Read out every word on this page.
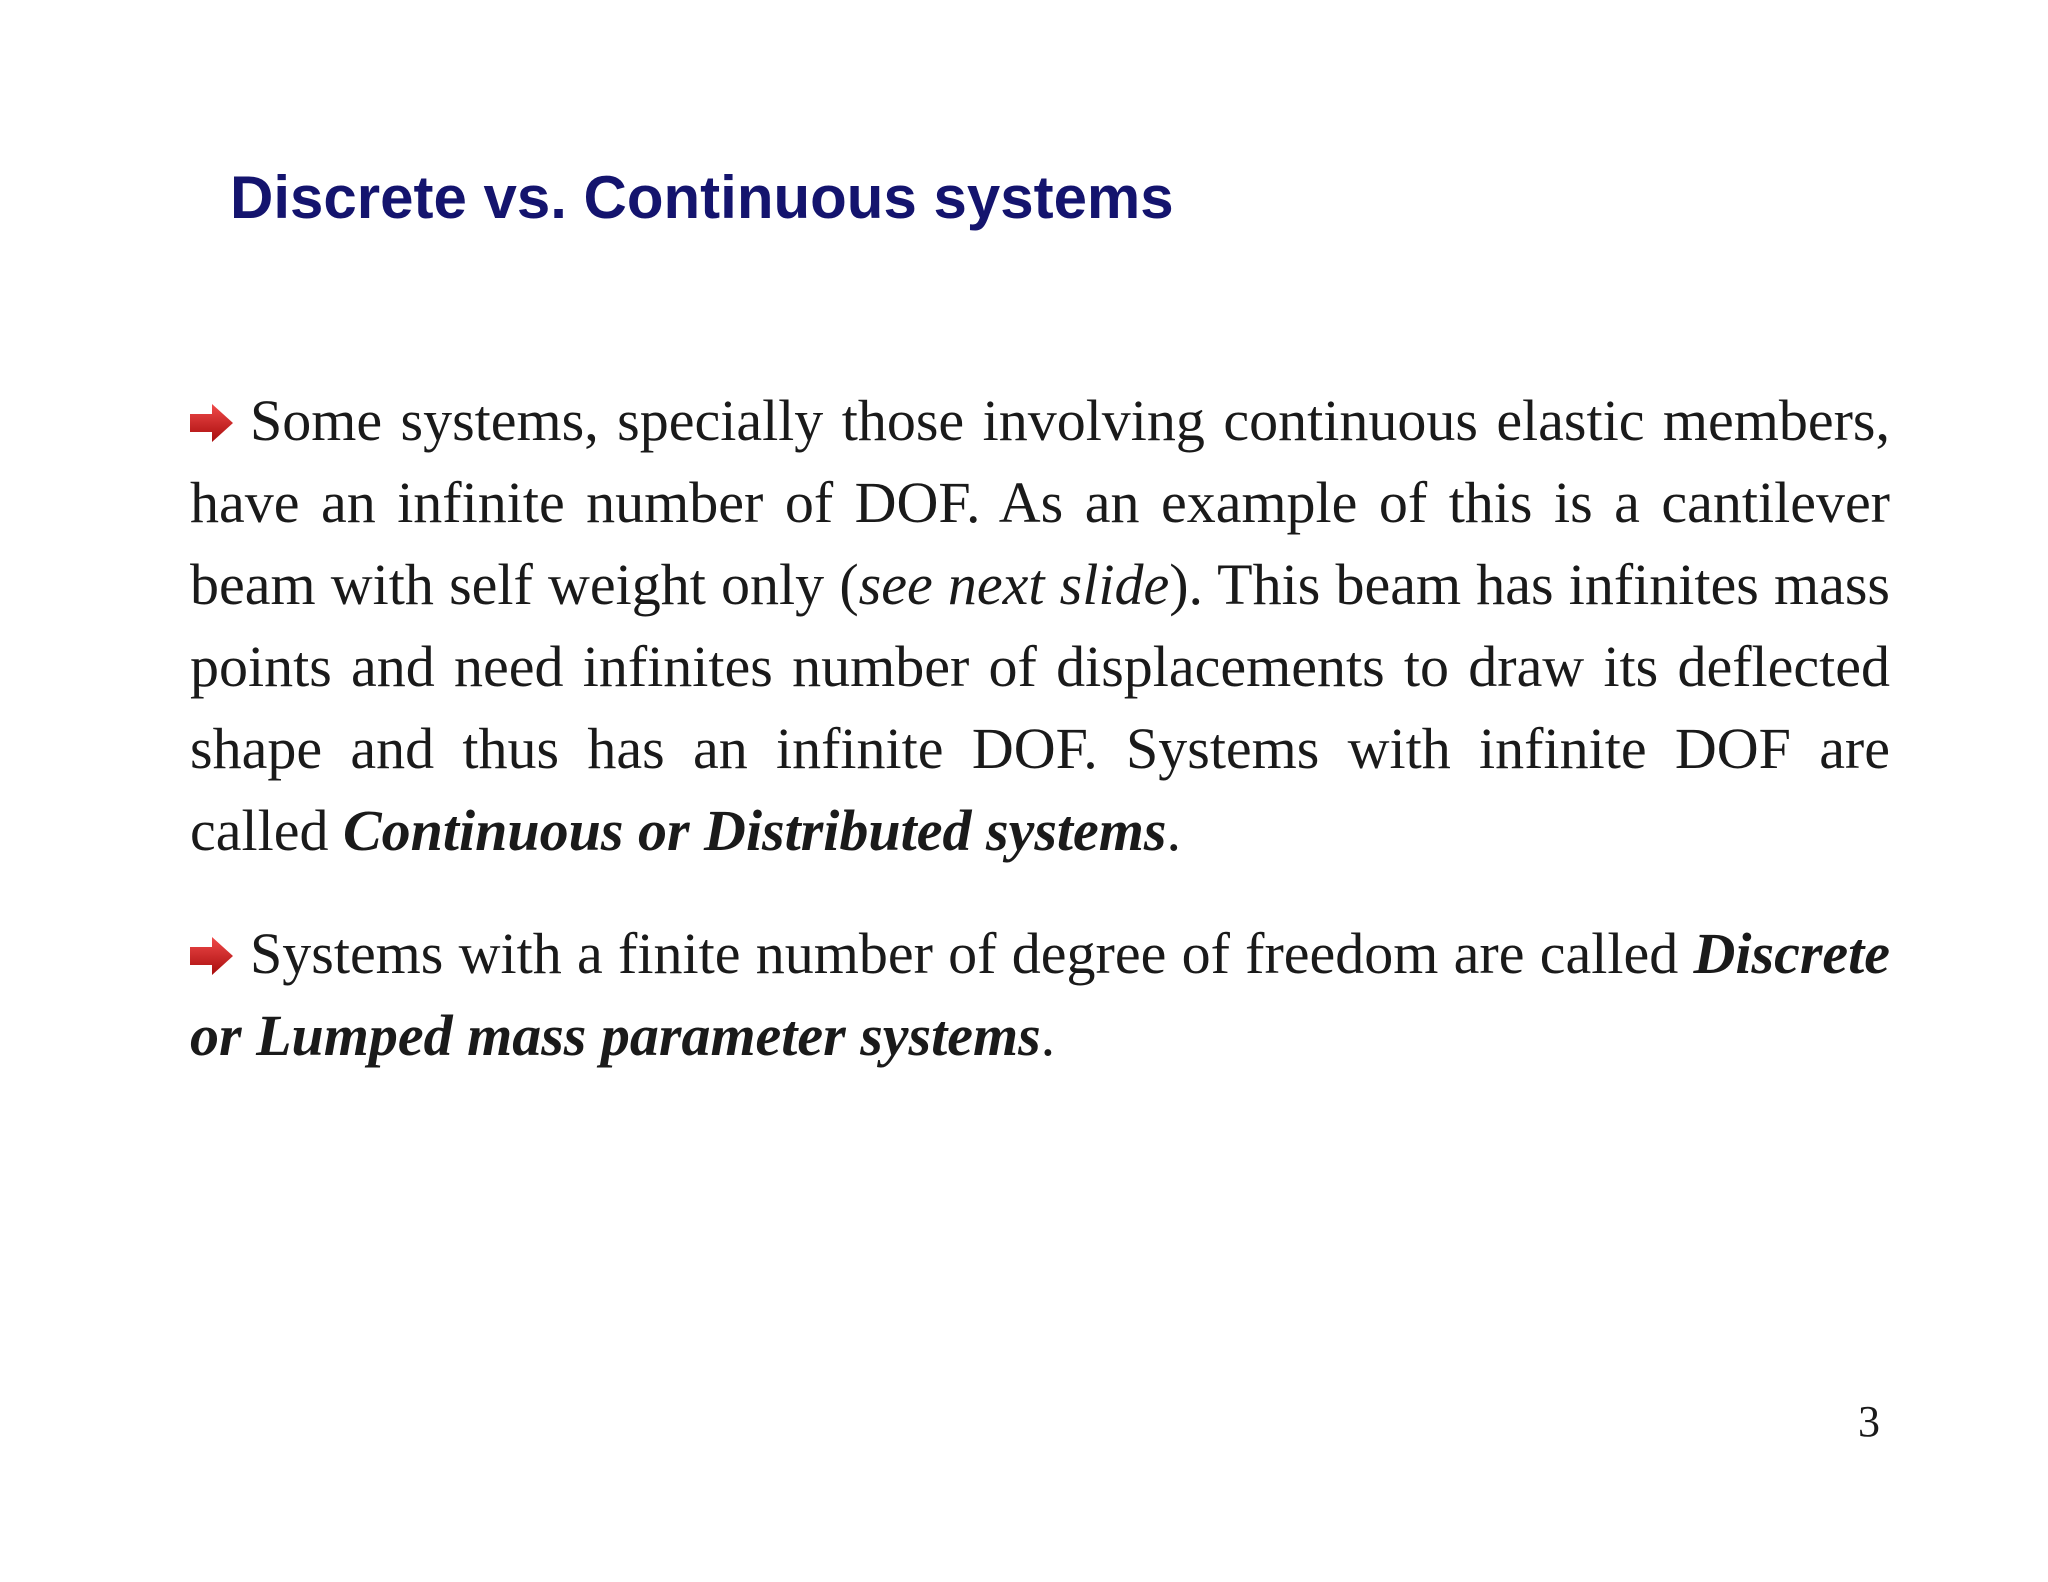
Discrete vs. Continuous systems

Some systems, specially those involving continuous elastic members, have an infinite number of DOF. As an example of this is a cantilever beam with self weight only (see next slide). This beam has infinites mass points and need infinites number of displacements to draw its deflected shape and thus has an infinite DOF. Systems with infinite DOF are called Continuous or Distributed systems.

Systems with a finite number of degree of freedom are called Discrete or Lumped mass parameter systems.

3
